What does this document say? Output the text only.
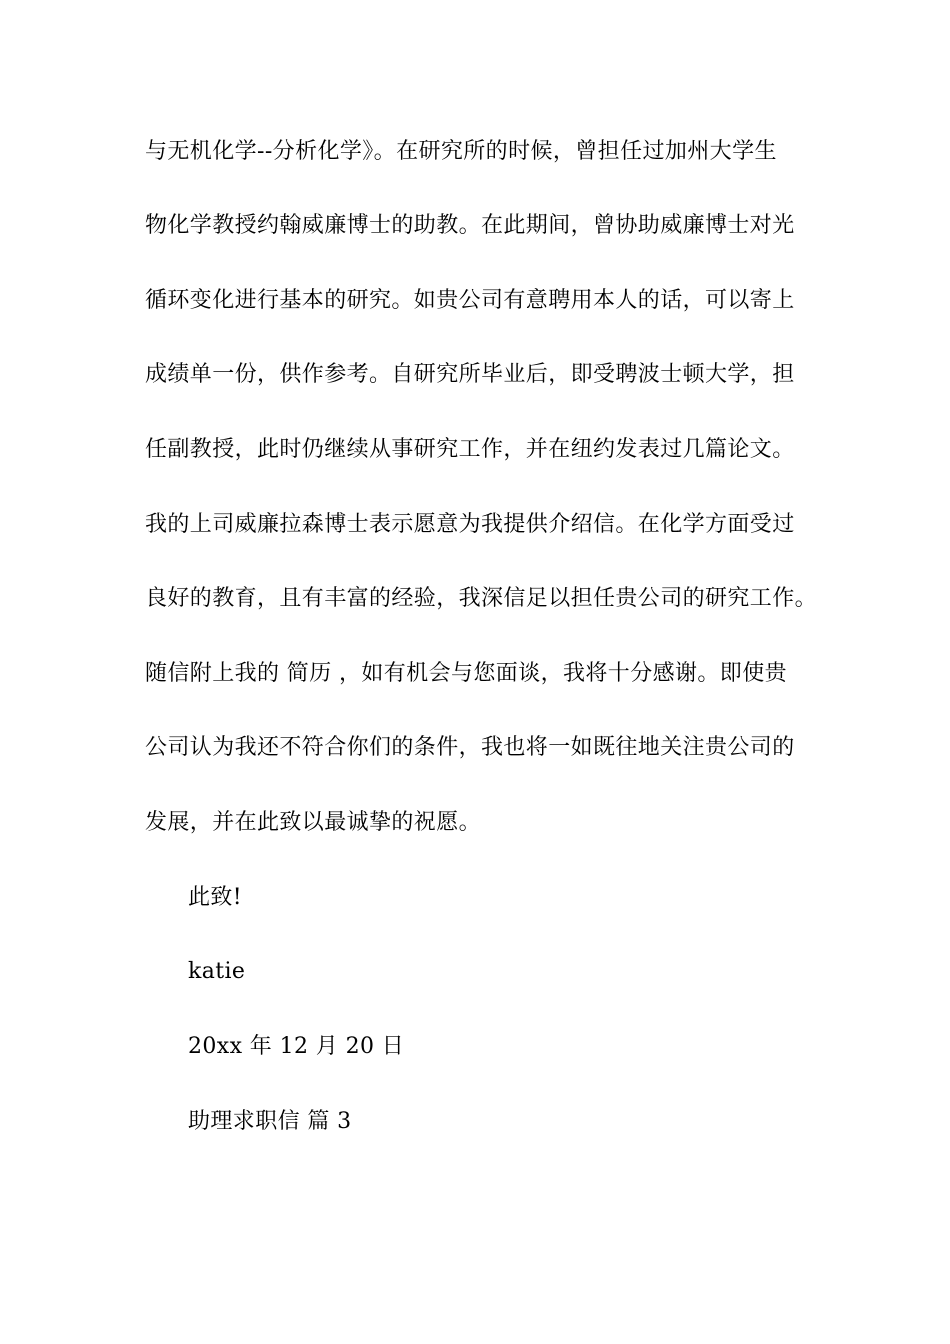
与无机化学--分析化学》。在研究所的时候，曾担任过加州大学生
物化学教授约翰威廉博士的助教。在此期间，曾协助威廉博士对光
循环变化进行基本的研究。如贵公司有意聘用本人的话，可以寄上
成绩单一份，供作参考。自研究所毕业后，即受聘波士顿大学，担
任副教授，此时仍继续从事研究工作，并在纽约发表过几篇论文。
我的上司威廉拉森博士表示愿意为我提供介绍信。在化学方面受过
良好的教育，且有丰富的经验，我深信足以担任贵公司的研究工作。
随信附上我的 简历 ，如有机会与您面谈，我将十分感谢。即使贵
公司认为我还不符合你们的条件，我也将一如既往地关注贵公司的
发展，并在此致以最诚挚的祝愿。
此致!
katie
20xx 年 12 月 20 日
助理求职信 篇 3
